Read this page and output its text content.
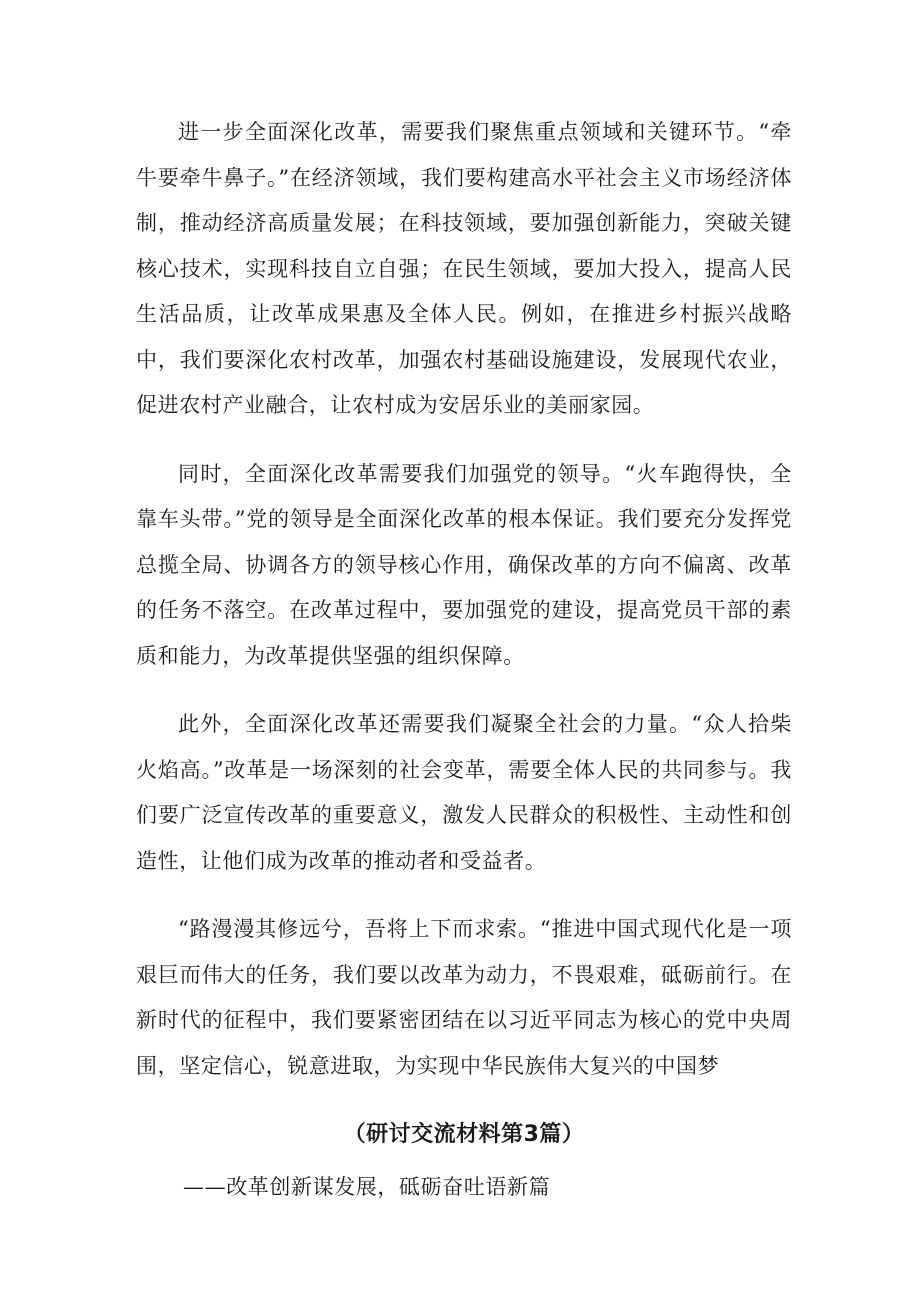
进一步全面深化改革，需要我们聚焦重点领域和关键环节。“牵牛要牵牛鼻子。”在经济领域，我们要构建高水平社会主义市场经济体制，推动经济高质量发展；在科技领域，要加强创新能力，突破关键核心技术，实现科技自立自强；在民生领域，要加大投入，提高人民生活品质，让改革成果惠及全体人民。例如，在推进乡村振兴战略中，我们要深化农村改革，加强农村基础设施建设，发展现代农业，促进农村产业融合，让农村成为安居乐业的美丽家园。

同时，全面深化改革需要我们加强党的领导。“火车跑得快，全靠车头带。”党的领导是全面深化改革的根本保证。我们要充分发挥党总揽全局、协调各方的领导核心作用，确保改革的方向不偏离、改革的任务不落空。在改革过程中，要加强党的建设，提高党员干部的素质和能力，为改革提供坚强的组织保障。

此外，全面深化改革还需要我们凝聚全社会的力量。“众人拾柴火焰高。”改革是一场深刻的社会变革，需要全体人民的共同参与。我们要广泛宣传改革的重要意义，激发人民群众的积极性、主动性和创造性，让他们成为改革的推动者和受益者。

“路漫漫其修远兮，吾将上下而求索。“推进中国式现代化是一项艰巨而伟大的任务，我们要以改革为动力，不畏艰难，砥砺前行。在新时代的征程中，我们要紧密团结在以习近平同志为核心的党中央周围，坚定信心，锐意进取，为实现中华民族伟大复兴的中国梦

（研讨交流材料第3篇）

——改革创新谋发展，砥砺奋吐语新篇
